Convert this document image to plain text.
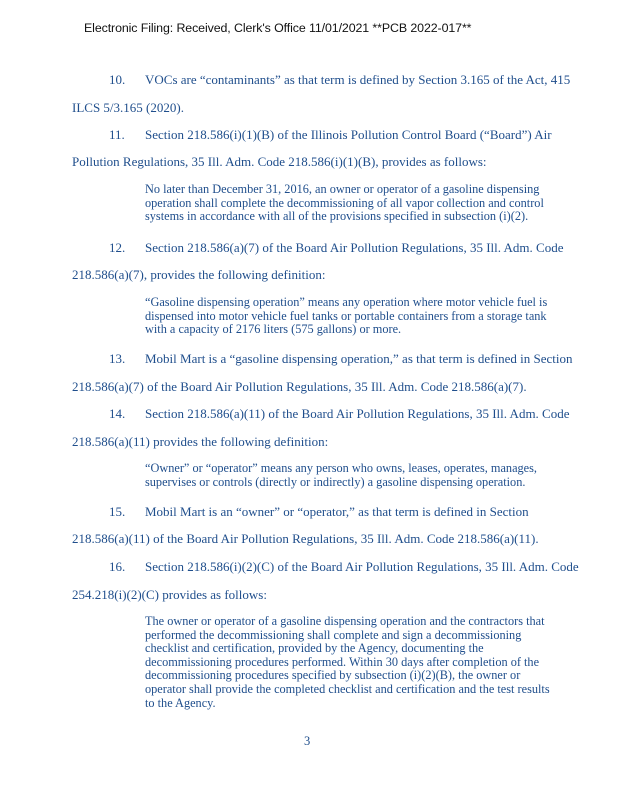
Electronic Filing: Received, Clerk's Office 11/01/2021 **PCB 2022-017**
10. VOCs are “contaminants” as that term is defined by Section 3.165 of the Act, 415
ILCS 5/3.165 (2020).
11. Section 218.586(i)(1)(B) of the Illinois Pollution Control Board (“Board”) Air
Pollution Regulations, 35 Ill. Adm. Code 218.586(i)(1)(B), provides as follows:
No later than December 31, 2016, an owner or operator of a gasoline dispensing
operation shall complete the decommissioning of all vapor collection and control
systems in accordance with all of the provisions specified in subsection (i)(2).
12. Section 218.586(a)(7) of the Board Air Pollution Regulations, 35 Ill. Adm. Code
218.586(a)(7), provides the following definition:
“Gasoline dispensing operation” means any operation where motor vehicle fuel is
dispensed into motor vehicle fuel tanks or portable containers from a storage tank
with a capacity of 2176 liters (575 gallons) or more.
13. Mobil Mart is a “gasoline dispensing operation,” as that term is defined in Section
218.586(a)(7) of the Board Air Pollution Regulations, 35 Ill. Adm. Code 218.586(a)(7).
14. Section 218.586(a)(11) of the Board Air Pollution Regulations, 35 Ill. Adm. Code
218.586(a)(11) provides the following definition:
“Owner” or “operator” means any person who owns, leases, operates, manages,
supervises or controls (directly or indirectly) a gasoline dispensing operation.
15. Mobil Mart is an “owner” or “operator,” as that term is defined in Section
218.586(a)(11) of the Board Air Pollution Regulations, 35 Ill. Adm. Code 218.586(a)(11).
16. Section 218.586(i)(2)(C) of the Board Air Pollution Regulations, 35 Ill. Adm. Code
254.218(i)(2)(C) provides as follows:
The owner or operator of a gasoline dispensing operation and the contractors that
performed the decommissioning shall complete and sign a decommissioning
checklist and certification, provided by the Agency, documenting the
decommissioning procedures performed. Within 30 days after completion of the
decommissioning procedures specified by subsection (i)(2)(B), the owner or
operator shall provide the completed checklist and certification and the test results
to the Agency.
3
